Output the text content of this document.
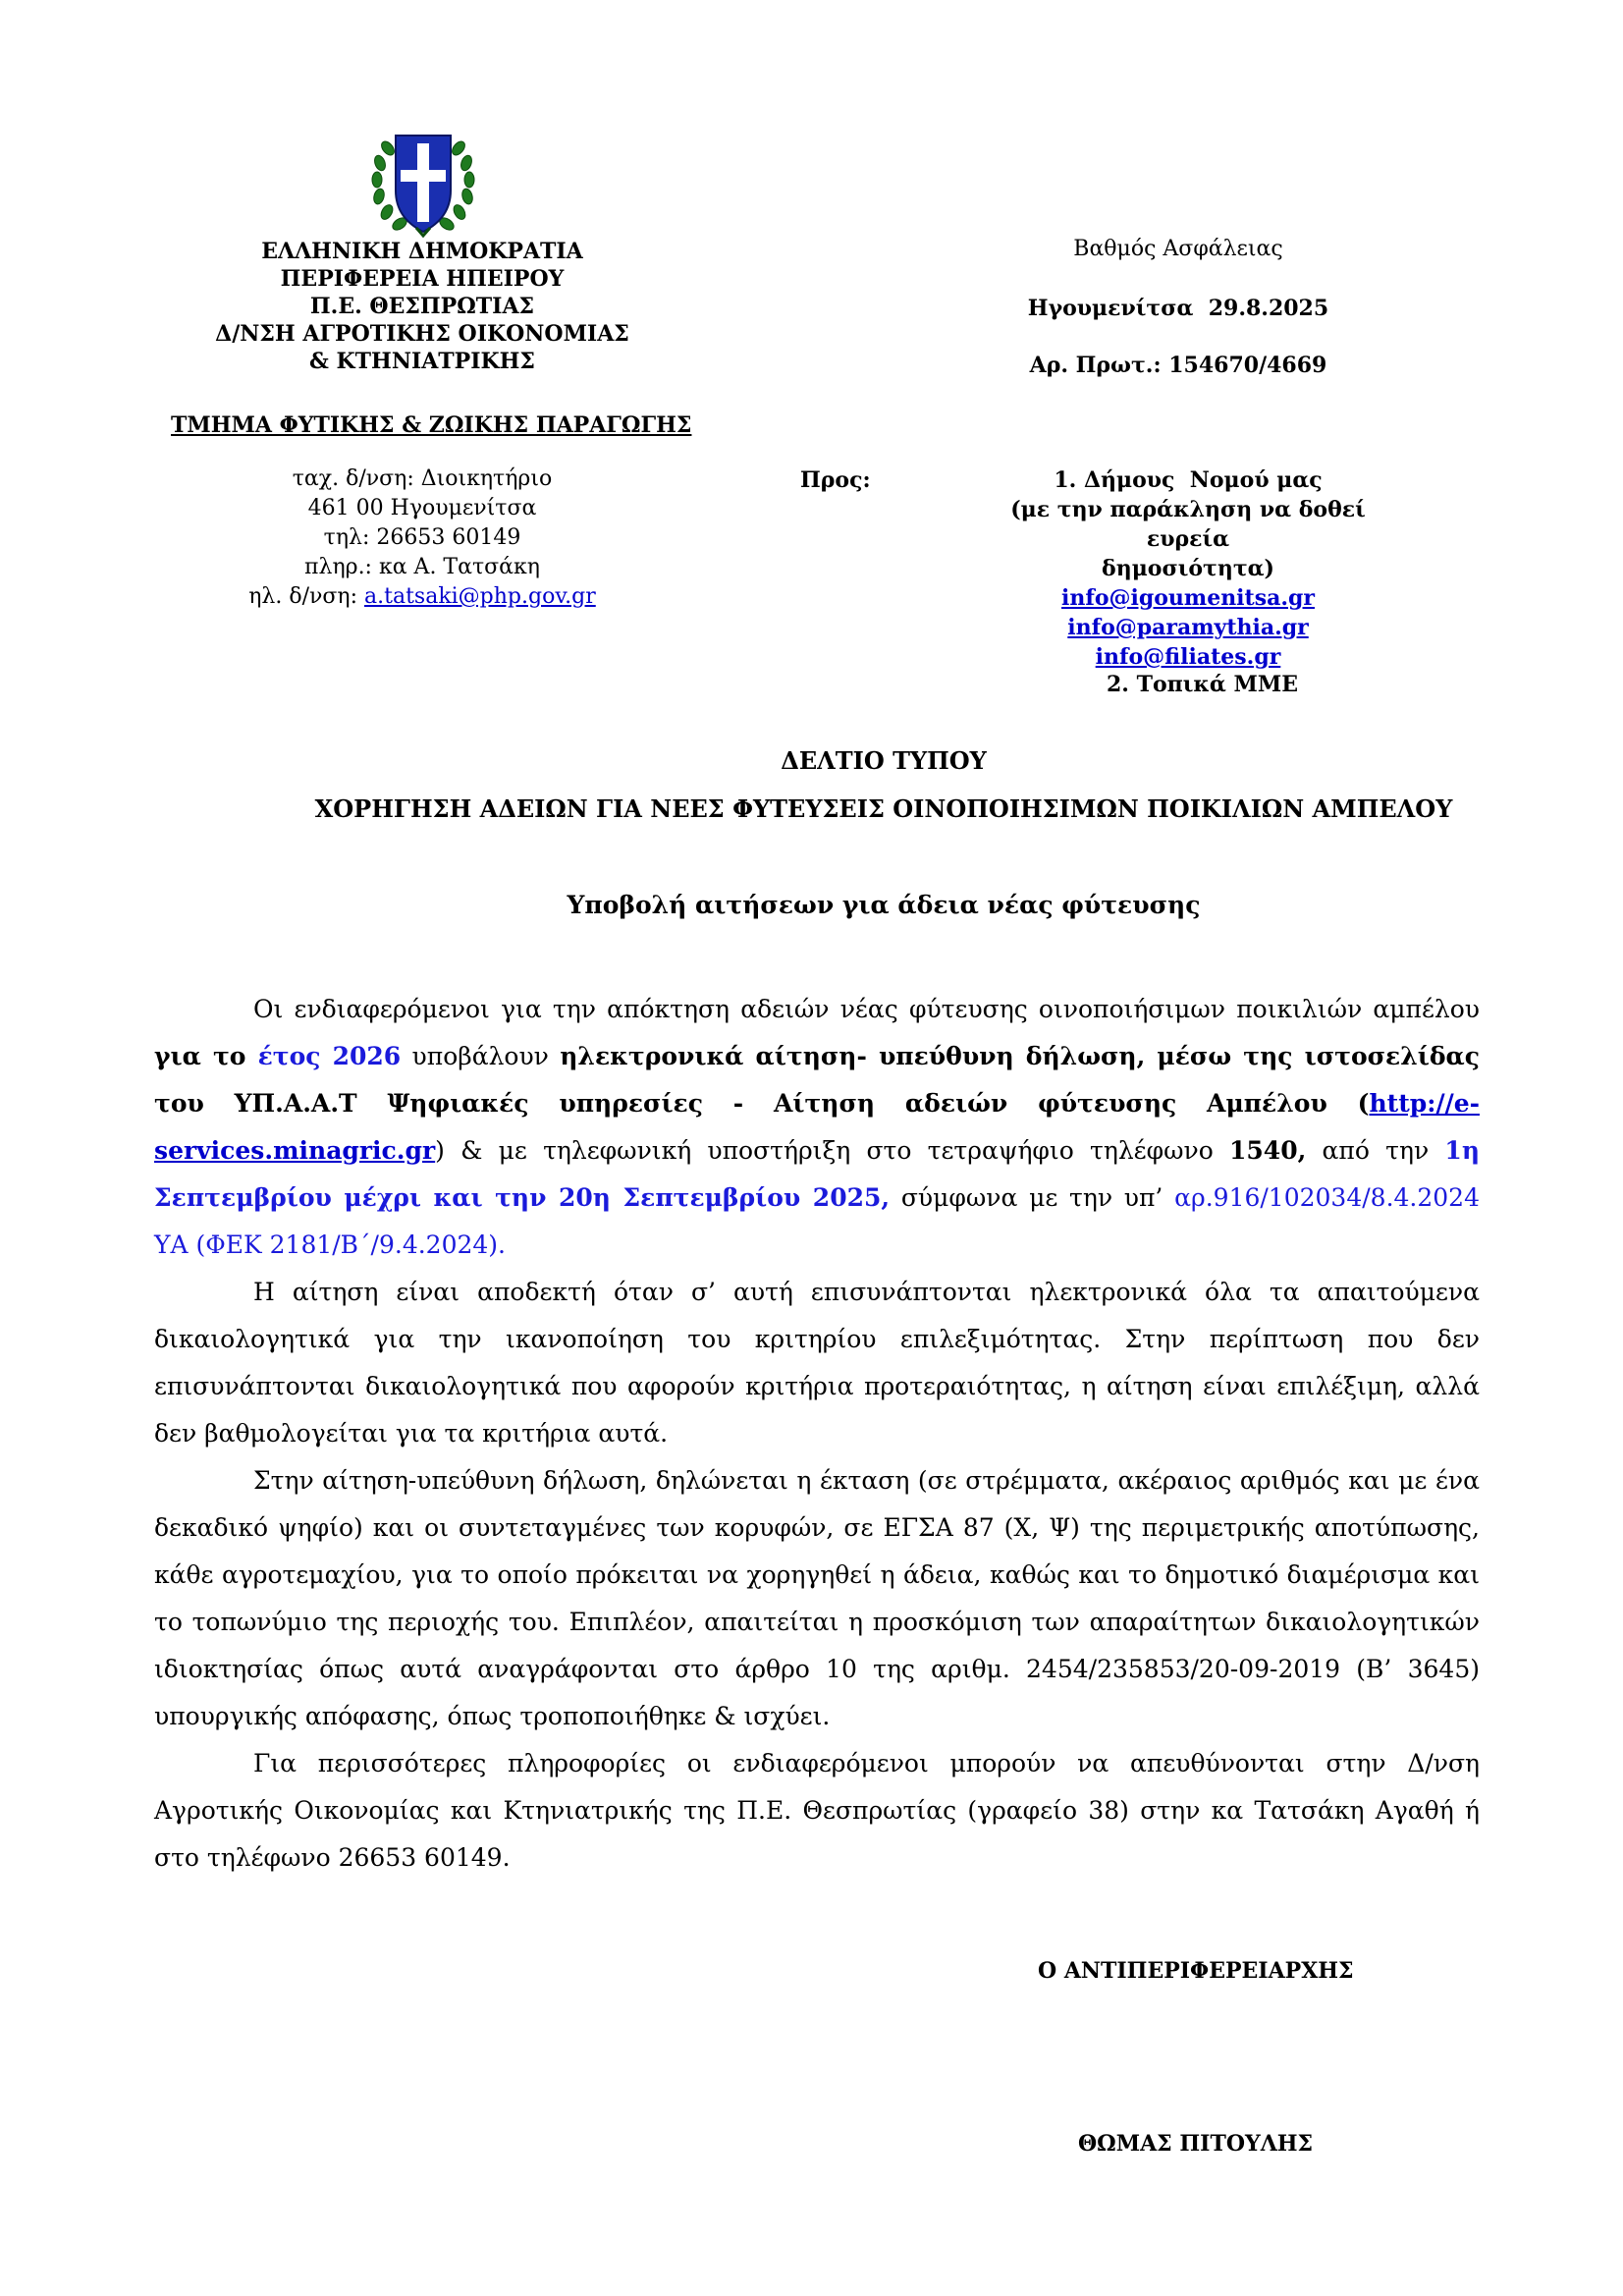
ΕΛΛΗΝΙΚΗ ΔΗΜΟΚΡΑΤΙΑ
ΠΕΡΙΦΕΡΕΙΑ ΗΠΕΙΡΟΥ
Π.Ε. ΘΕΣΠΡΩΤΙΑΣ
Δ/ΝΣΗ ΑΓΡΟΤΙΚΗΣ ΟΙΚΟΝΟΜΙΑΣ
& ΚΤΗΝΙΑΤΡΙΚΗΣ
ΤΜΗΜΑ ΦΥΤΙΚΗΣ & ΖΩΙΚΗΣ ΠΑΡΑΓΩΓΗΣ
ταχ. δ/νση: Διοικητήριο
461 00 Ηγουμενίτσα
τηλ: 26653 60149
πληρ.: κα Α. Τατσάκη
ηλ. δ/νση: a.tatsaki@php.gov.gr
Βαθμός Ασφάλειας
Ηγουμενίτσα  29.8.2025
Αρ. Πρωτ.: 154670/4669
Προς:	1. Δήμους  Νομού μας
(με την παράκληση να δοθεί ευρεία
δημοσιότητα)
info@igoumenitsa.gr
info@paramythia.gr
info@filiates.gr
2. Τοπικά ΜΜΕ
ΔΕΛΤΙΟ ΤΥΠΟΥ
ΧΟΡΗΓΗΣΗ ΑΔΕΙΩΝ ΓΙΑ ΝΕΕΣ ΦΥΤΕΥΣΕΙΣ ΟΙΝΟΠΟΙΗΣΙΜΩΝ ΠΟΙΚΙΛΙΩΝ ΑΜΠΕΛΟΥ
Υποβολή αιτήσεων για άδεια νέας φύτευσης

Οι ενδιαφερόμενοι για την απόκτηση αδειών νέας φύτευσης οινοποιήσιμων ποικιλιών αμπέλου για το έτος 2026 υποβάλουν ηλεκτρονικά αίτηση- υπεύθυνη δήλωση, μέσω της ιστοσελίδας του ΥΠ.Α.Α.Τ Ψηφιακές υπηρεσίες - Αίτηση αδειών φύτευσης Αμπέλου (http://e-services.minagric.gr) & με τηλεφωνική υποστήριξη στο τετραψήφιο τηλέφωνο 1540, από την 1η Σεπτεμβρίου μέχρι και την 20η Σεπτεμβρίου 2025, σύμφωνα με την υπ’ αρ.916/102034/8.4.2024 ΥΑ (ΦΕΚ 2181/Β΄/9.4.2024).

Η αίτηση είναι αποδεκτή όταν σ’ αυτή επισυνάπτονται ηλεκτρονικά όλα τα απαιτούμενα δικαιολογητικά για την ικανοποίηση του κριτηρίου επιλεξιμότητας. Στην περίπτωση που δεν επισυνάπτονται δικαιολογητικά που αφορούν κριτήρια προτεραιότητας, η αίτηση είναι επιλέξιμη, αλλά δεν βαθμολογείται για τα κριτήρια αυτά.

Στην αίτηση-υπεύθυνη δήλωση, δηλώνεται η έκταση (σε στρέμματα, ακέραιος αριθμός και με ένα δεκαδικό ψηφίο) και οι συντεταγμένες των κορυφών, σε ΕΓΣΑ 87 (Χ, Ψ) της περιμετρικής αποτύπωσης, κάθε αγροτεμαχίου, για το οποίο πρόκειται να χορηγηθεί η άδεια, καθώς και το δημοτικό διαμέρισμα και το τοπωνύμιο της περιοχής του. Επιπλέον, απαιτείται η προσκόμιση των απαραίτητων δικαιολογητικών ιδιοκτησίας όπως αυτά αναγράφονται στο άρθρο 10 της αριθμ. 2454/235853/20-09-2019 (Β’ 3645) υπουργικής απόφασης, όπως τροποποιήθηκε & ισχύει.

Για περισσότερες πληροφορίες οι ενδιαφερόμενοι μπορούν να απευθύνονται στην Δ/νση Αγροτικής Οικονομίας και Κτηνιατρικής της Π.Ε. Θεσπρωτίας (γραφείο 38) στην κα Τατσάκη Αγαθή ή στο τηλέφωνο 26653 60149.

Ο ΑΝΤΙΠΕΡΙΦΕΡΕΙΑΡΧΗΣ
ΘΩΜΑΣ ΠΙΤΟΥΛΗΣ
